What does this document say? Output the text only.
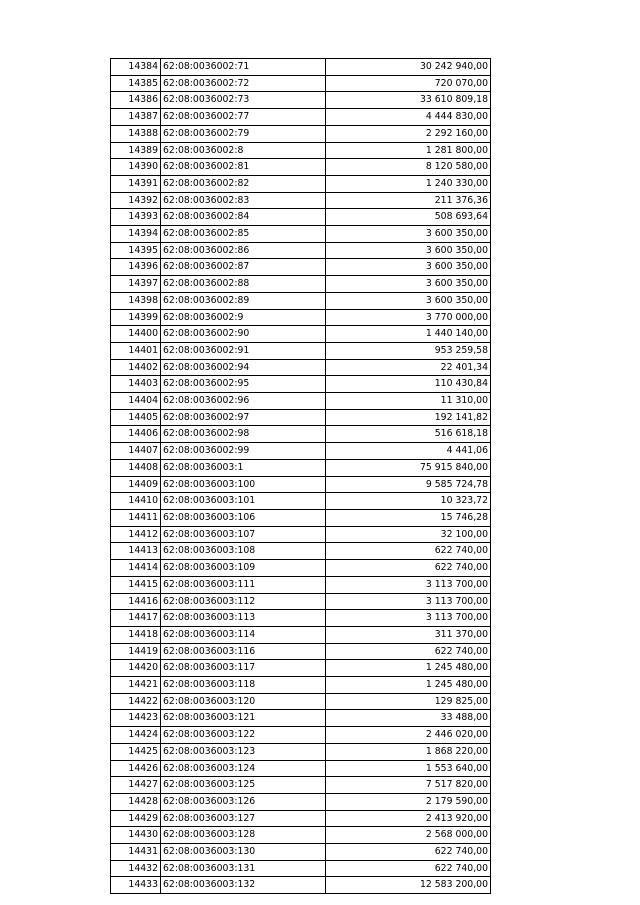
14384	62:08:0036002:71	30 242 940,00
14385	62:08:0036002:72	720 070,00
14386	62:08:0036002:73	33 610 809,18
14387	62:08:0036002:77	4 444 830,00
14388	62:08:0036002:79	2 292 160,00
14389	62:08:0036002:8	1 281 800,00
14390	62:08:0036002:81	8 120 580,00
14391	62:08:0036002:82	1 240 330,00
14392	62:08:0036002:83	211 376,36
14393	62:08:0036002:84	508 693,64
14394	62:08:0036002:85	3 600 350,00
14395	62:08:0036002:86	3 600 350,00
14396	62:08:0036002:87	3 600 350,00
14397	62:08:0036002:88	3 600 350,00
14398	62:08:0036002:89	3 600 350,00
14399	62:08:0036002:9	3 770 000,00
14400	62:08:0036002:90	1 440 140,00
14401	62:08:0036002:91	953 259,58
14402	62:08:0036002:94	22 401,34
14403	62:08:0036002:95	110 430,84
14404	62:08:0036002:96	11 310,00
14405	62:08:0036002:97	192 141,82
14406	62:08:0036002:98	516 618,18
14407	62:08:0036002:99	4 441,06
14408	62:08:0036003:1	75 915 840,00
14409	62:08:0036003:100	9 585 724,78
14410	62:08:0036003:101	10 323,72
14411	62:08:0036003:106	15 746,28
14412	62:08:0036003:107	32 100,00
14413	62:08:0036003:108	622 740,00
14414	62:08:0036003:109	622 740,00
14415	62:08:0036003:111	3 113 700,00
14416	62:08:0036003:112	3 113 700,00
14417	62:08:0036003:113	3 113 700,00
14418	62:08:0036003:114	311 370,00
14419	62:08:0036003:116	622 740,00
14420	62:08:0036003:117	1 245 480,00
14421	62:08:0036003:118	1 245 480,00
14422	62:08:0036003:120	129 825,00
14423	62:08:0036003:121	33 488,00
14424	62:08:0036003:122	2 446 020,00
14425	62:08:0036003:123	1 868 220,00
14426	62:08:0036003:124	1 553 640,00
14427	62:08:0036003:125	7 517 820,00
14428	62:08:0036003:126	2 179 590,00
14429	62:08:0036003:127	2 413 920,00
14430	62:08:0036003:128	2 568 000,00
14431	62:08:0036003:130	622 740,00
14432	62:08:0036003:131	622 740,00
14433	62:08:0036003:132	12 583 200,00
